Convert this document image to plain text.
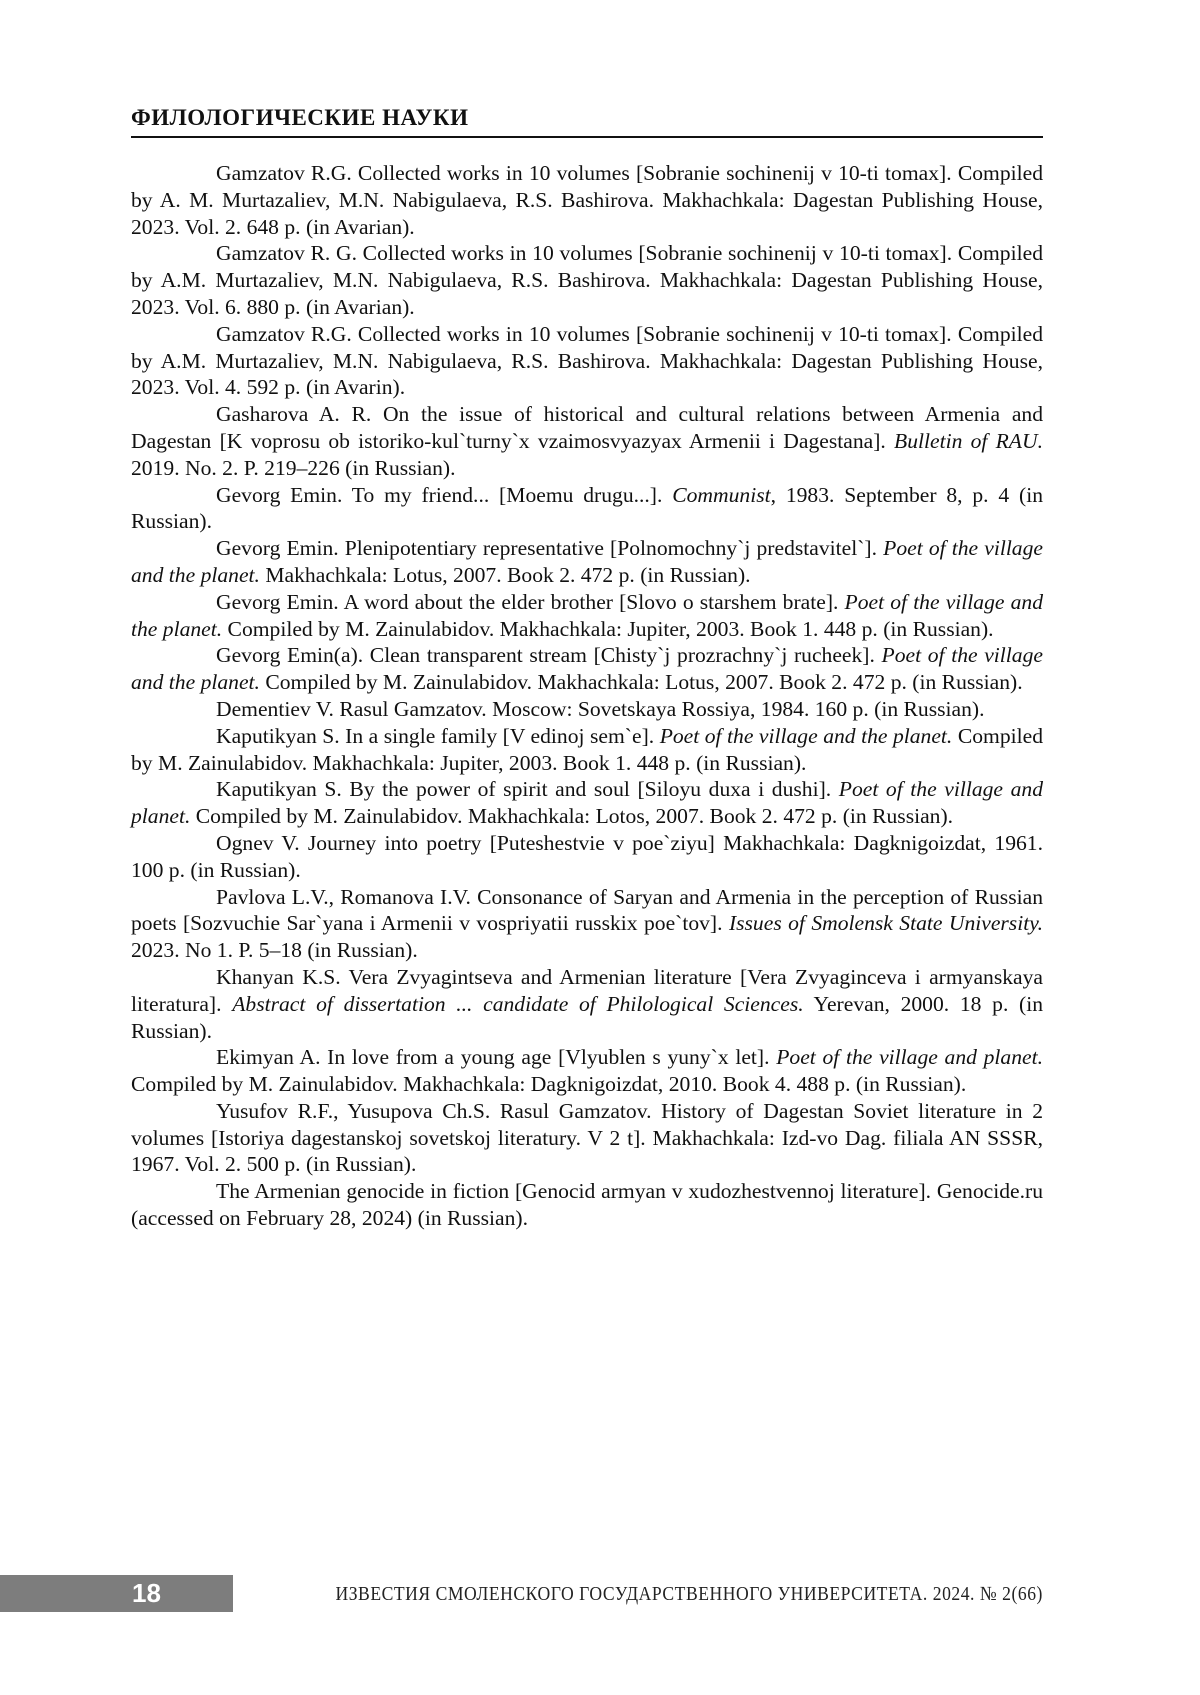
ФИЛОЛОГИЧЕСКИЕ НАУКИ

Gamzatov R.G. Collected works in 10 volumes [Sobranie sochinenij v 10-ti tomax]. Compiled by A. M. Murtazaliev, M.N. Nabigulaeva, R.S. Bashirova. Makhachkala: Dagestan Publishing House, 2023. Vol. 2. 648 p. (in Avarian).

Gamzatov R. G. Collected works in 10 volumes [Sobranie sochinenij v 10-ti tomax]. Compiled by A.M. Murtazaliev, M.N. Nabigulaeva, R.S. Bashirova. Makhachkala: Dagestan Publishing House, 2023. Vol. 6. 880 p. (in Avarian).

Gamzatov R.G. Collected works in 10 volumes [Sobranie sochinenij v 10-ti tomax]. Compiled by A.M. Murtazaliev, M.N. Nabigulaeva, R.S. Bashirova. Makhachkala: Dagestan Publishing House, 2023. Vol. 4. 592 p. (in Avarin).

Gasharova A. R. On the issue of historical and cultural relations between Armenia and Dagestan [K voprosu ob istoriko-kul`turny`x vzaimosvyazyax Armenii i Dagestana]. Bulletin of RAU. 2019. No. 2. P. 219–226 (in Russian).

Gevorg Emin. To my friend... [Moemu drugu...]. Communist, 1983. September 8, p. 4 (in Russian).

Gevorg Emin. Plenipotentiary representative [Polnomochny`j predstavitel`]. Poet of the village and the planet. Makhachkala: Lotus, 2007. Book 2. 472 p. (in Russian).

Gevorg Emin. A word about the elder brother [Slovo o starshem brate]. Poet of the village and the planet. Compiled by M. Zainulabidov. Makhachkala: Jupiter, 2003. Book 1. 448 p. (in Russian).

Gevorg Emin(a). Clean transparent stream [Chisty`j prozrachny`j rucheek]. Poet of the village and the planet. Compiled by M. Zainulabidov. Makhachkala: Lotus, 2007. Book 2. 472 p. (in Russian).

Dementiev V. Rasul Gamzatov. Moscow: Sovetskaya Rossiya, 1984. 160 p. (in Russian).

Kaputikyan S. In a single family [V edinoj sem`e]. Poet of the village and the planet. Compiled by M. Zainulabidov. Makhachkala: Jupiter, 2003. Book 1. 448 p. (in Russian).

Kaputikyan S. By the power of spirit and soul [Siloyu duxa i dushi]. Poet of the village and planet. Compiled by M. Zainulabidov. Makhachkala: Lotos, 2007. Book 2. 472 p. (in Russian).

Ognev V. Journey into poetry [Puteshestvie v poe`ziyu] Makhachkala: Dagknigoizdat, 1961. 100 p. (in Russian).

Pavlova L.V., Romanova I.V. Consonance of Saryan and Armenia in the perception of Russian poets [Sozvuchie Sar`yana i Armenii v vospriyatii russkix poe`tov]. Issues of Smolensk State University. 2023. No 1. P. 5–18 (in Russian).

Khanyan K.S. Vera Zvyagintseva and Armenian literature [Vera Zvyaginceva i armyanskaya literatura]. Abstract of dissertation ... candidate of Philological Sciences. Yerevan, 2000. 18 p. (in Russian).

Ekimyan A. In love from a young age [Vlyublen s yuny`x let]. Poet of the village and planet. Compiled by M. Zainulabidov. Makhachkala: Dagknigoizdat, 2010. Book 4. 488 p. (in Russian).

Yusufov R.F., Yusupova Ch.S. Rasul Gamzatov. History of Dagestan Soviet literature in 2 volumes [Istoriya dagestanskoj sovetskoj literatury. V 2 t]. Makhachkala: Izd-vo Dag. filiala AN SSSR, 1967. Vol. 2. 500 p. (in Russian).

The Armenian genocide in fiction [Genocid armyan v xudozhestvennoj literature]. Genocide.ru (accessed on February 28, 2024) (in Russian).

18	ИЗВЕСТИЯ СМОЛЕНСКОГО ГОСУДАРСТВЕННОГО УНИВЕРСИТЕТА. 2024. № 2(66)
